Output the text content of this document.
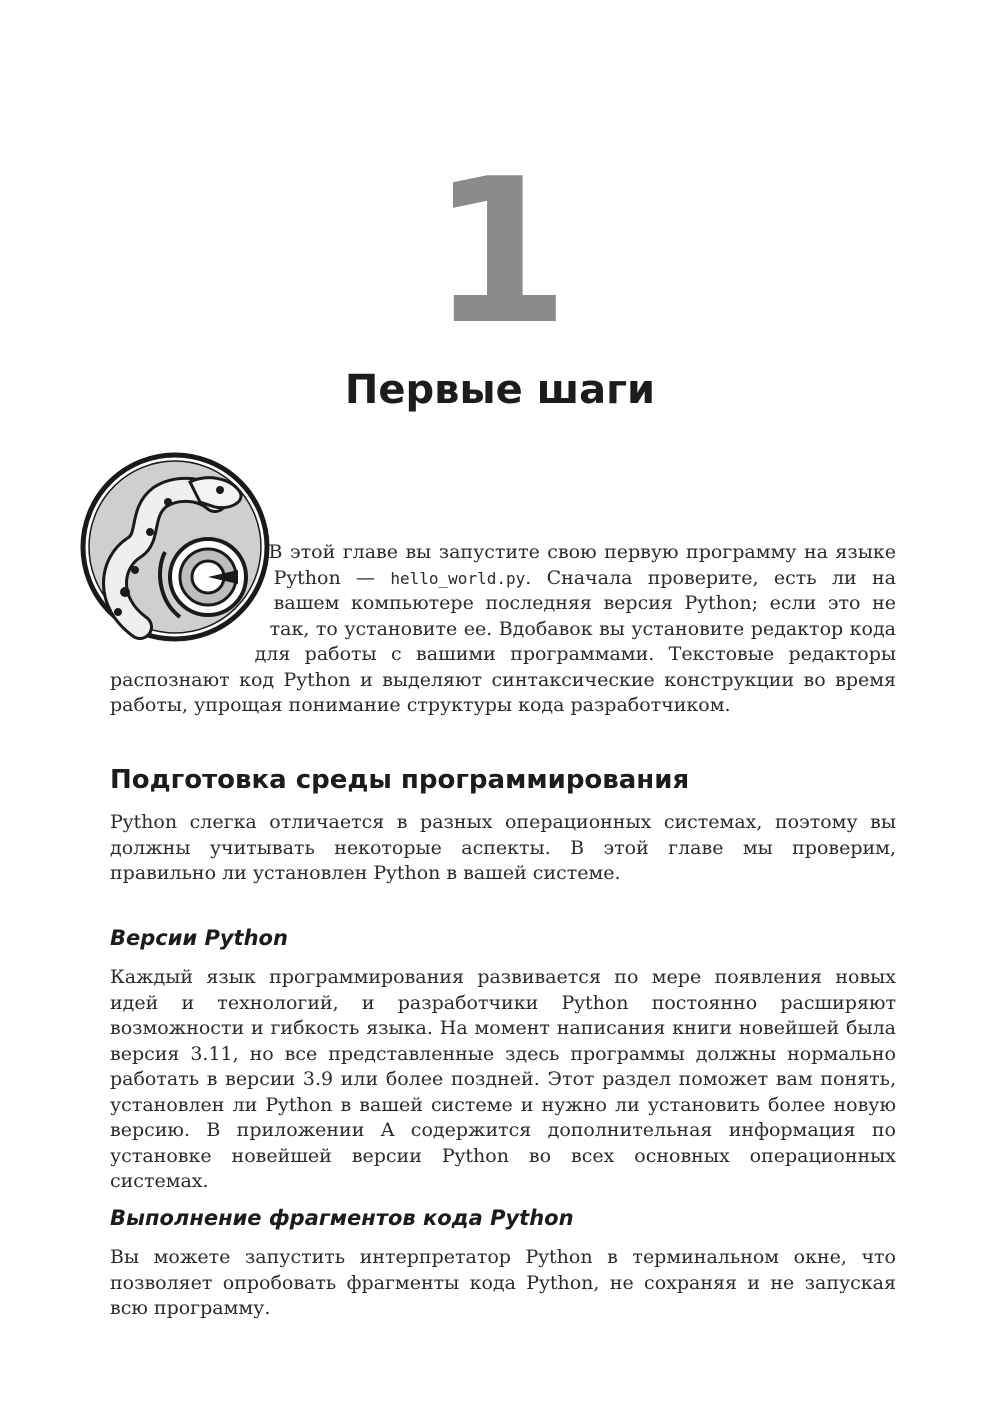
1
Первые шаги

В этой главе вы запустите свою первую программу на языке Python — hello_world.py. Сначала проверите, есть ли на вашем компьютере последняя версия Python; если это не так, то установите ее. Вдобавок вы установите редактор кода для работы с вашими программами. Текстовые редакторы распознают код Python и выделяют синтаксические конструкции во время работы, упрощая понимание структуры кода разработчиком.

Подготовка среды программирования

Python слегка отличается в разных операционных системах, поэтому вы должны учитывать некоторые аспекты. В этой главе мы проверим, правильно ли установлен Python в вашей системе.

Версии Python

Каждый язык программирования развивается по мере появления новых идей и технологий, и разработчики Python постоянно расширяют возможности и гибкость языка. На момент написания книги новейшей была версия 3.11, но все представленные здесь программы должны нормально работать в версии 3.9 или более поздней. Этот раздел поможет вам понять, установлен ли Python в вашей системе и нужно ли установить более новую версию. В приложении A содержится дополнительная информация по установке новейшей версии Python во всех основных операционных системах.

Выполнение фрагментов кода Python

Вы можете запустить интерпретатор Python в терминальном окне, что позволяет опробовать фрагменты кода Python, не сохраняя и не запуская всю программу.
